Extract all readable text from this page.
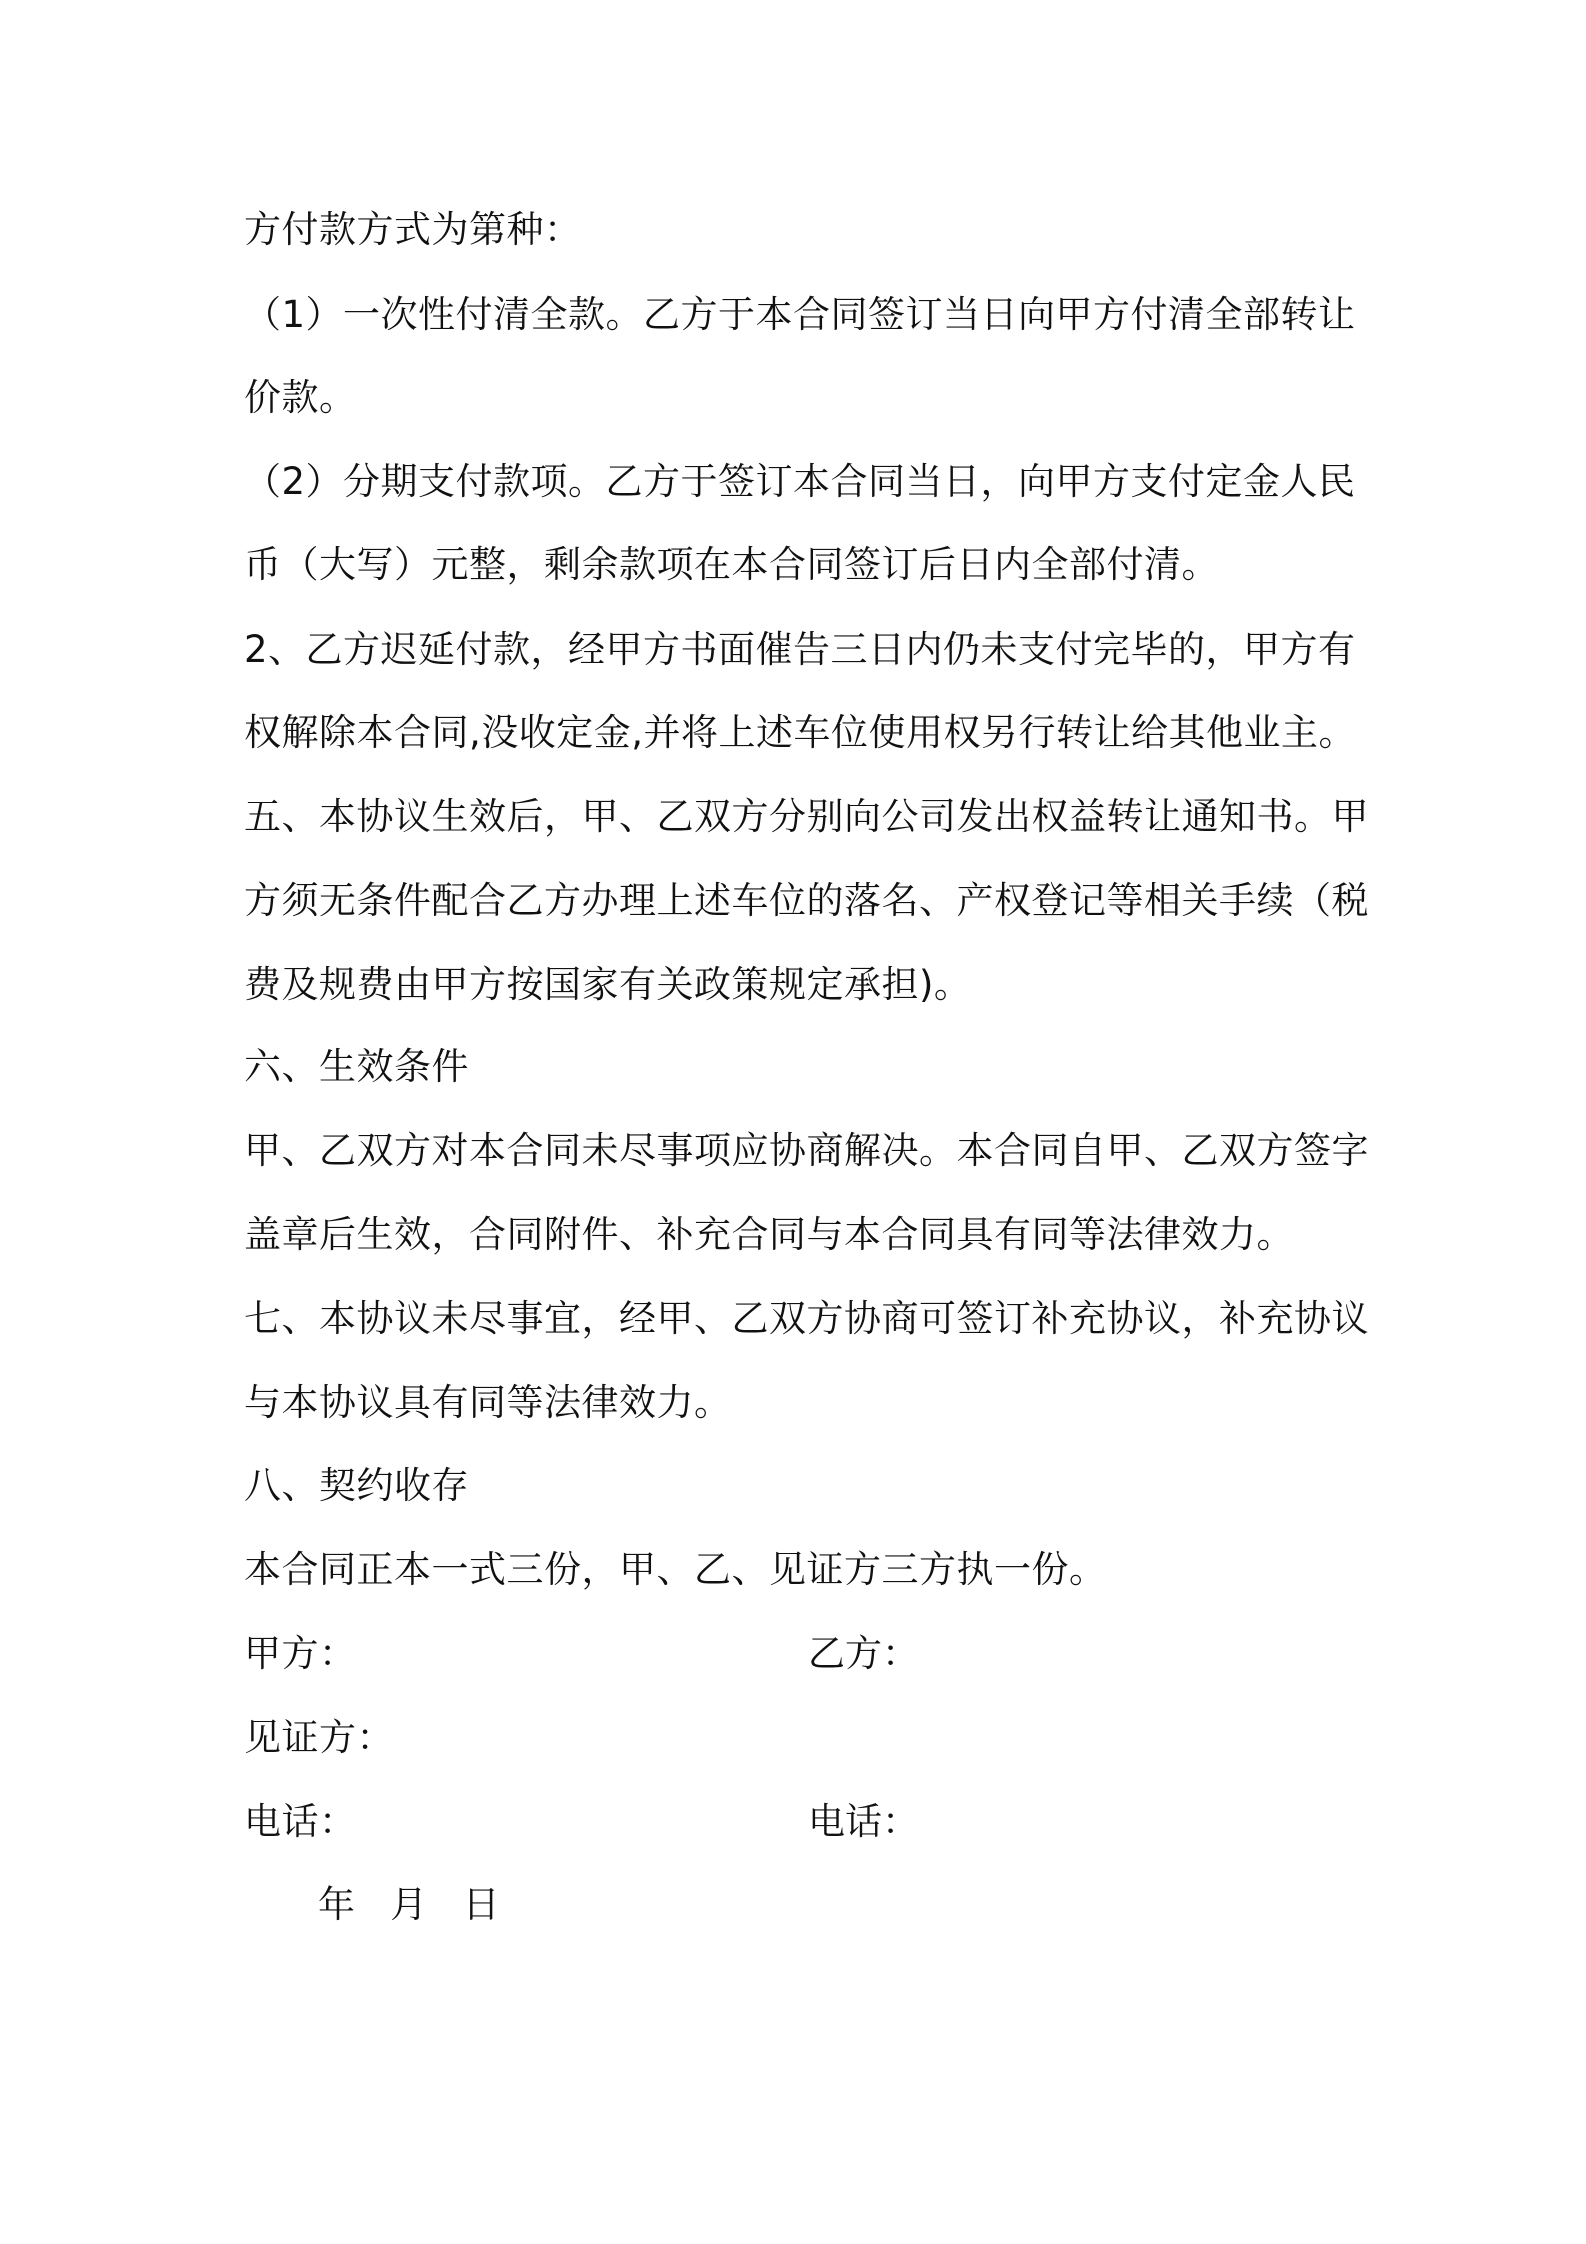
方付款方式为第种：
（1）一次性付清全款。乙方于本合同签订当日向甲方付清全部转让
价款。
（2）分期支付款项。乙方于签订本合同当日，向甲方支付定金人民
币（大写）元整，剩余款项在本合同签订后日内全部付清。
2、乙方迟延付款，经甲方书面催告三日内仍未支付完毕的，甲方有
权解除本合同,没收定金,并将上述车位使用权另行转让给其他业主。
五、本协议生效后，甲、乙双方分别向公司发出权益转让通知书。甲
方须无条件配合乙方办理上述车位的落名、产权登记等相关手续（税
费及规费由甲方按国家有关政策规定承担)。
六、生效条件
甲、乙双方对本合同未尽事项应协商解决。本合同自甲、乙双方签字
盖章后生效，合同附件、补充合同与本合同具有同等法律效力。
七、本协议未尽事宜，经甲、乙双方协商可签订补充协议，补充协议
与本协议具有同等法律效力。
八、契约收存
本合同正本一式三份，甲、乙、见证方三方执一份。
甲方：	乙方：
见证方：
电话：	电话：
年   月   日
